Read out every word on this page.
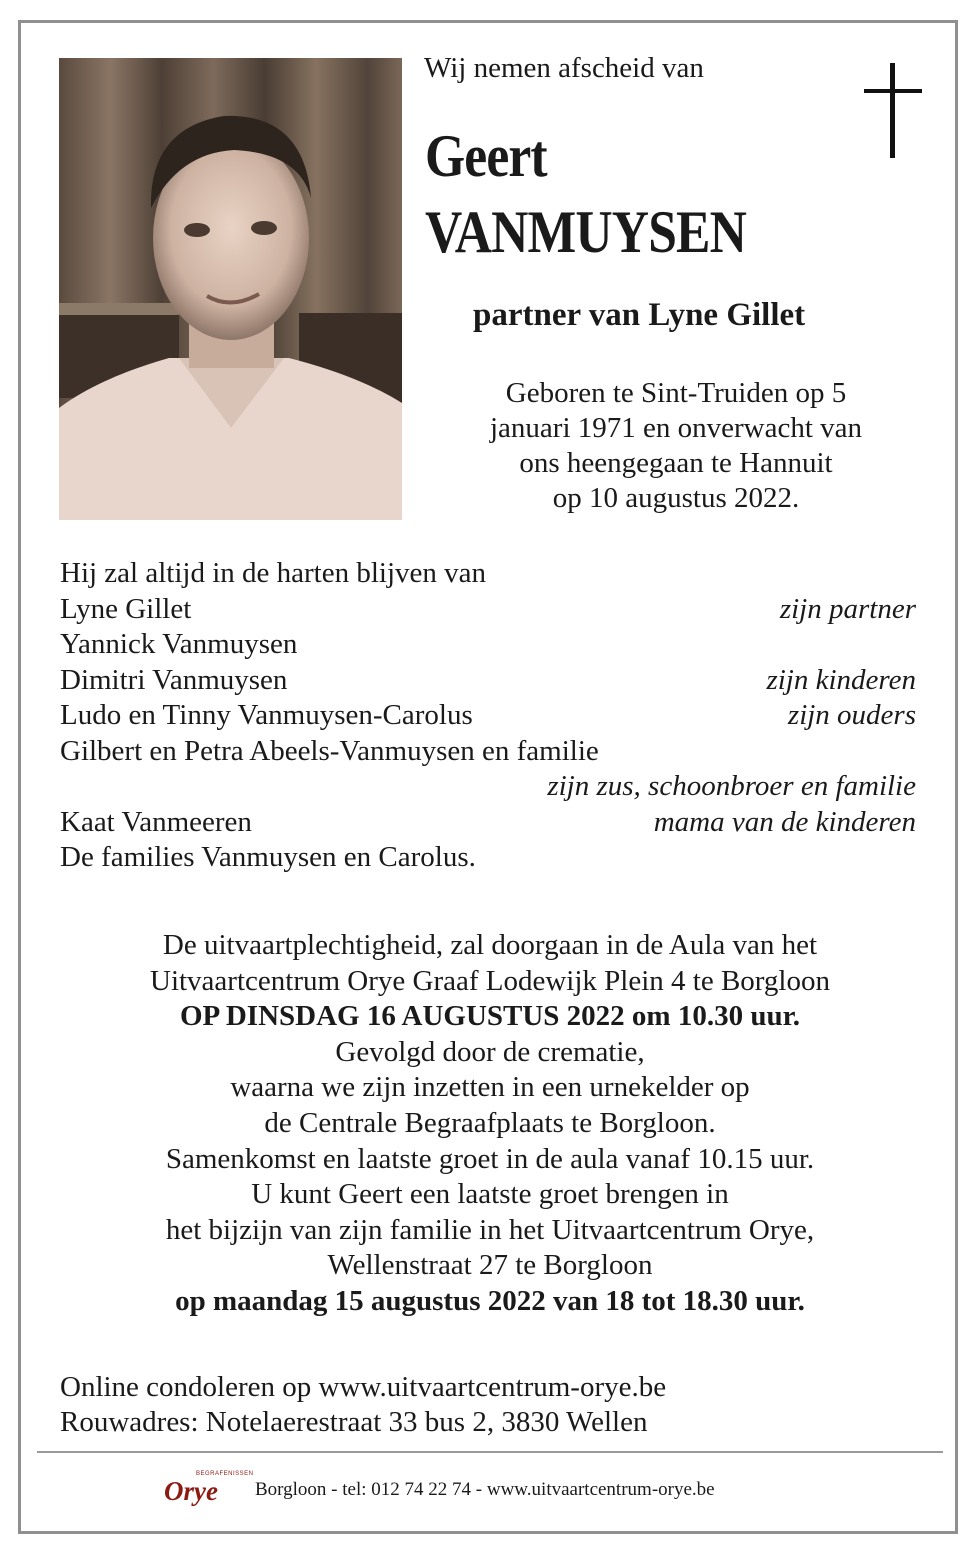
Wij nemen afscheid van
Geert
VANMUYSEN
partner van Lyne Gillet
Geboren te Sint-Truiden op 5
januari 1971 en onverwacht van
ons heengegaan te Hannuit
op 10 augustus 2022.
Hij zal altijd in de harten blijven van
Lyne Gillet	zijn partner
Yannick Vanmuysen
Dimitri Vanmuysen	zijn kinderen
Ludo en Tinny Vanmuysen-Carolus	zijn ouders
Gilbert en Petra Abeels-Vanmuysen en familie
zijn zus, schoonbroer en familie
Kaat Vanmeeren	mama van de kinderen
De families Vanmuysen en Carolus.
De uitvaartplechtigheid, zal doorgaan in de Aula van het
Uitvaartcentrum Orye Graaf Lodewijk Plein 4 te Borgloon
OP DINSDAG 16 AUGUSTUS 2022 om 10.30 uur.
Gevolgd door de crematie,
waarna we zijn inzetten in een urnekelder op
de Centrale Begraafplaats te Borgloon.
Samenkomst en laatste groet in de aula vanaf 10.15 uur.
U kunt Geert een laatste groet brengen in
het bijzijn van zijn familie in het Uitvaartcentrum Orye,
Wellenstraat 27 te Borgloon
op maandag 15 augustus 2022 van 18 tot 18.30 uur.
Online condoleren op www.uitvaartcentrum-orye.be
Rouwadres: Notelaerestraat 33 bus 2, 3830 Wellen
BEGRAFENISSEN
Orye Borgloon - tel: 012 74 22 74 - www.uitvaartcentrum-orye.be
